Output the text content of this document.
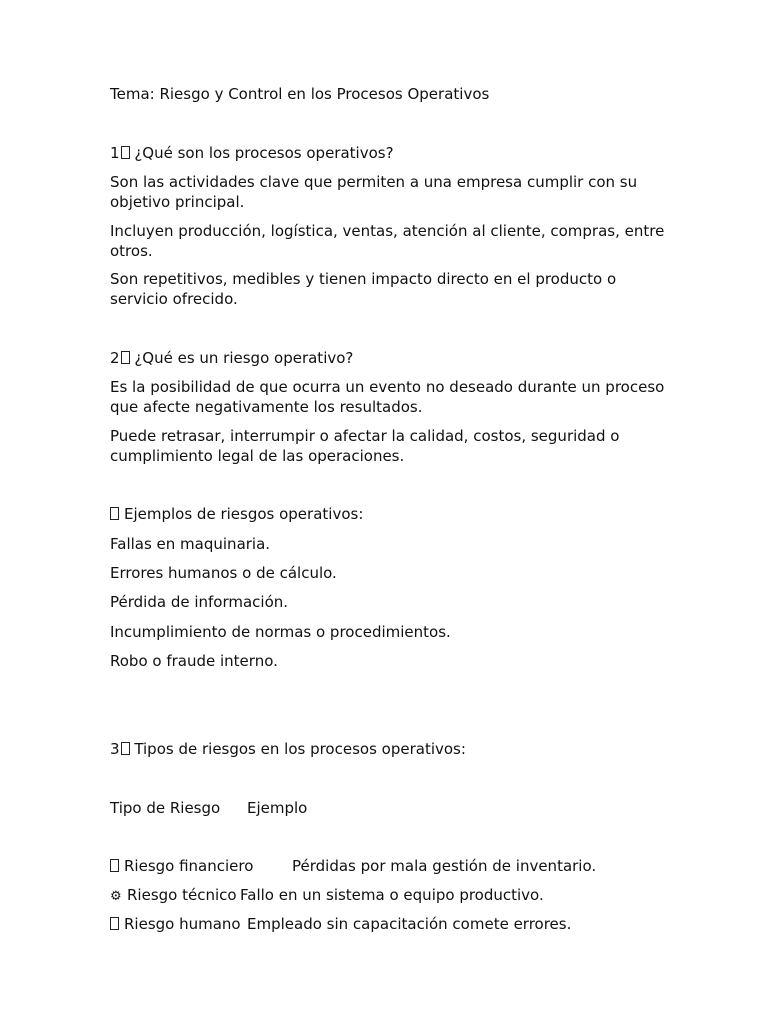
Tema: Riesgo y Control en los Procesos Operativos
1 ¿Qué son los procesos operativos?
Son las actividades clave que permiten a una empresa cumplir con su objetivo principal.
Incluyen producción, logística, ventas, atención al cliente, compras, entre otros.
Son repetitivos, medibles y tienen impacto directo en el producto o servicio ofrecido.
2 ¿Qué es un riesgo operativo?
Es la posibilidad de que ocurra un evento no deseado durante un proceso que afecte negativamente los resultados.
Puede retrasar, interrumpir o afectar la calidad, costos, seguridad o cumplimiento legal de las operaciones.
Ejemplos de riesgos operativos:
Fallas en maquinaria.
Errores humanos o de cálculo.
Pérdida de información.
Incumplimiento de normas o procedimientos.
Robo o fraude interno.
3 Tipos de riesgos en los procesos operativos:
Tipo de Riesgo Ejemplo
Riesgo financiero	Pérdidas por mala gestión de inventario.
⚙ Riesgo técnico Fallo en un sistema o equipo productivo.
Riesgo humano Empleado sin capacitación comete errores.
